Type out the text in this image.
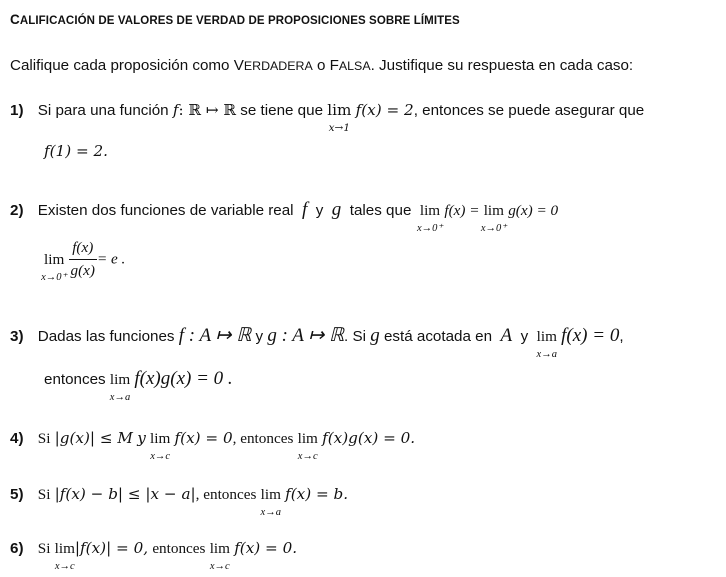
CALIFICACIÓN DE VALORES DE VERDAD DE PROPOSICIONES SOBRE LÍMITES
Califique cada proposición como VERDADERA o FALSA. Justifique su respuesta en cada caso:
1) Si para una función f: ℝ ↦ ℝ se tiene que lim
x→1
f(x) = 2, entonces se puede asegurar que
f(1) = 2.
2) Existen dos funciones de variable real f y g tales que lim
x→0⁺
f(x) = lim
x→0⁺
g(x) = 0
lim
x→0⁺
$\frac{f(x)}{g(x)} = e$ .
3) Dadas las funciones f : A ↦ ℝ y g : A ↦ ℝ. Si g está acotada en A y lim
x→a
f(x) = 0,
entonces lim
x→a
f(x)g(x) = 0 .
4) Si |g(x)| ≤ M y lim
x→c
f(x) = 0, entonces lim
x→c
f(x)g(x) = 0.
5) Si |f(x) − b| ≤ |x − a|, entonces lim
x→a
f(x) = b.
6) Si lim
x→c
|f(x)| = 0, entonces lim
x→c
f(x) = 0.
